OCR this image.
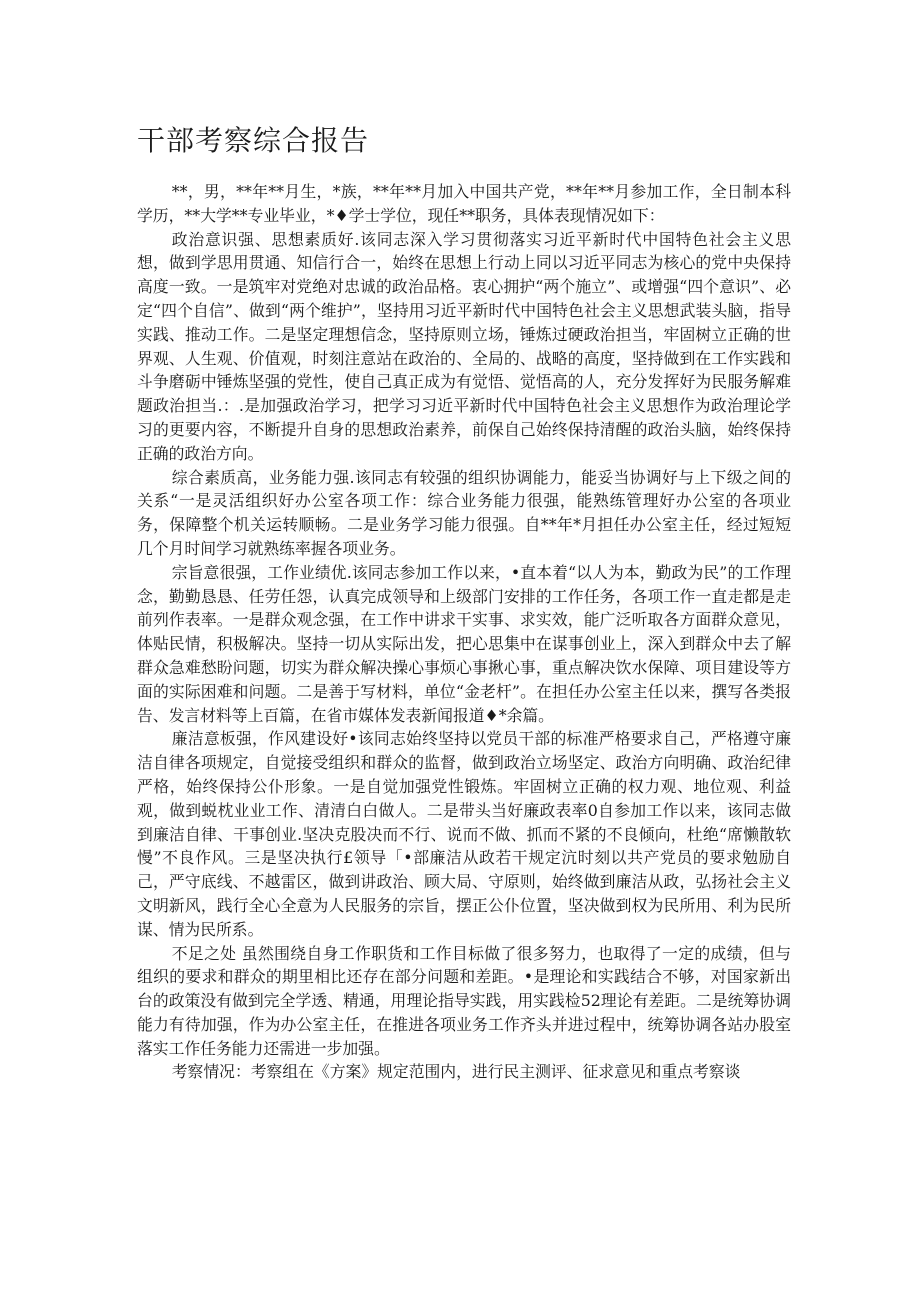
干部考察综合报告

**，男，**年**月生，*族，**年**月加入中国共产党，**年**月参加工作，全日制本科学历，**大学**专业毕业，*♦学士学位，现任**职务，具体表现情况如下：

政治意识强、思想素质好.该同志深入学习贯彻落实习近平新时代中国特色社会主义思想，做到学思用贯通、知信行合一，始终在思想上行动上同以习近平同志为核心的党中央保持高度一致。一是筑牢对党绝对忠诚的政治品格。衷心拥护“两个施立”、或增强“四个意识”、必定“四个自信”、做到“两个维护”，坚持用习近平新时代中国特色社会主义思想武装头脑，指导实践、推动工作。二是坚定理想信念，坚持原则立场，锤炼过硬政治担当，牢固树立正确的世界观、人生观、价值观，时刻注意站在政治的、全局的、战略的高度，坚持做到在工作实践和斗争磨砺中锤炼坚强的党性，使自己真正成为有觉悟、觉悟高的人，充分发挥好为民服务解难题政治担当.：.是加强政治学习，把学习习近平新时代中国特色社会主义思想作为政治理论学习的更要内容，不断提升自身的思想政治素养，前保自己始终保持清醒的政治头脑，始终保持正确的政治方向。

综合素质高，业务能力强.该同志有较强的组织协调能力，能妥当协调好与上下级之间的关系“一是灵活组织好办公室各项工作：综合业务能力很强，能熟练管理好办公室的各项业务，保障整个机关运转顺畅。二是业务学习能力很强。自**年*月担任办公室主任，经过短短几个月时间学习就熟练率握各项业务。

宗旨意很强，工作业绩优.该同志参加工作以来，•直本着“以人为本，勤政为民”的工作理念，勤勤恳恳、任劳任怨，认真完成领导和上级部门安排的工作任务，各项工作一直走都是走前列作表率。一是群众观念强，在工作中讲求干实事、求实效，能广泛听取各方面群众意见，体贴民情，积极解决。坚持一切从实际出发，把心思集中在谋事创业上，深入到群众中去了解群众急难愁盼问题，切实为群众解决操心事烦心事揪心事，重点解决饮水保障、项目建设等方面的实际困难和问题。二是善于写材料，单位“金老杆”。在担任办公室主任以来，撰写各类报告、发言材料等上百篇，在省市媒体发表新闻报道♦*余篇。

廉洁意板强，作风建设好•该同志始终坚持以党员干部的标准严格要求自己，严格遵守廉洁自律各项规定，自觉接受组织和群众的监督，做到政治立场坚定、政治方向明确、政治纪律严格，始终保持公仆形象。一是自觉加强党性锻炼。牢固树立正确的权力观、地位观、利益观，做到蜕枕业业工作、清清白白做人。二是带头当好廉政表率0自参加工作以来，该同志做到廉洁自律、干事创业.坚决克股决而不行、说而不做、抓而不紧的不良倾向，杜绝“席懒散软慢”不良作风。三是坚决执行£领导「•部廉洁从政若干规定沆时刻以共产党员的要求勉励自己，严守底线、不越雷区，做到讲政治、顾大局、守原则，始终做到廉洁从政，弘扬社会主义文明新风，践行全心全意为人民服务的宗旨，摆正公仆位置，坚决做到权为民所用、利为民所谋、情为民所系。

不足之处 虽然围绕自身工作职货和工作目标做了很多努力，也取得了一定的成绩，但与组织的要求和群众的期里相比还存在部分问题和差距。•是理论和实践结合不够，对国家新出台的政策没有做到完全学透、精通，用理论指导实践，用实践检52理论有差距。二是统筹协调能力有待加强，作为办公室主任，在推进各项业务工作齐头并进过程中，统筹协调各站办股室落实工作任务能力还需进一步加强。

考察情况：考察组在《方案》规定范围内，进行民主测评、征求意见和重点考察谈
